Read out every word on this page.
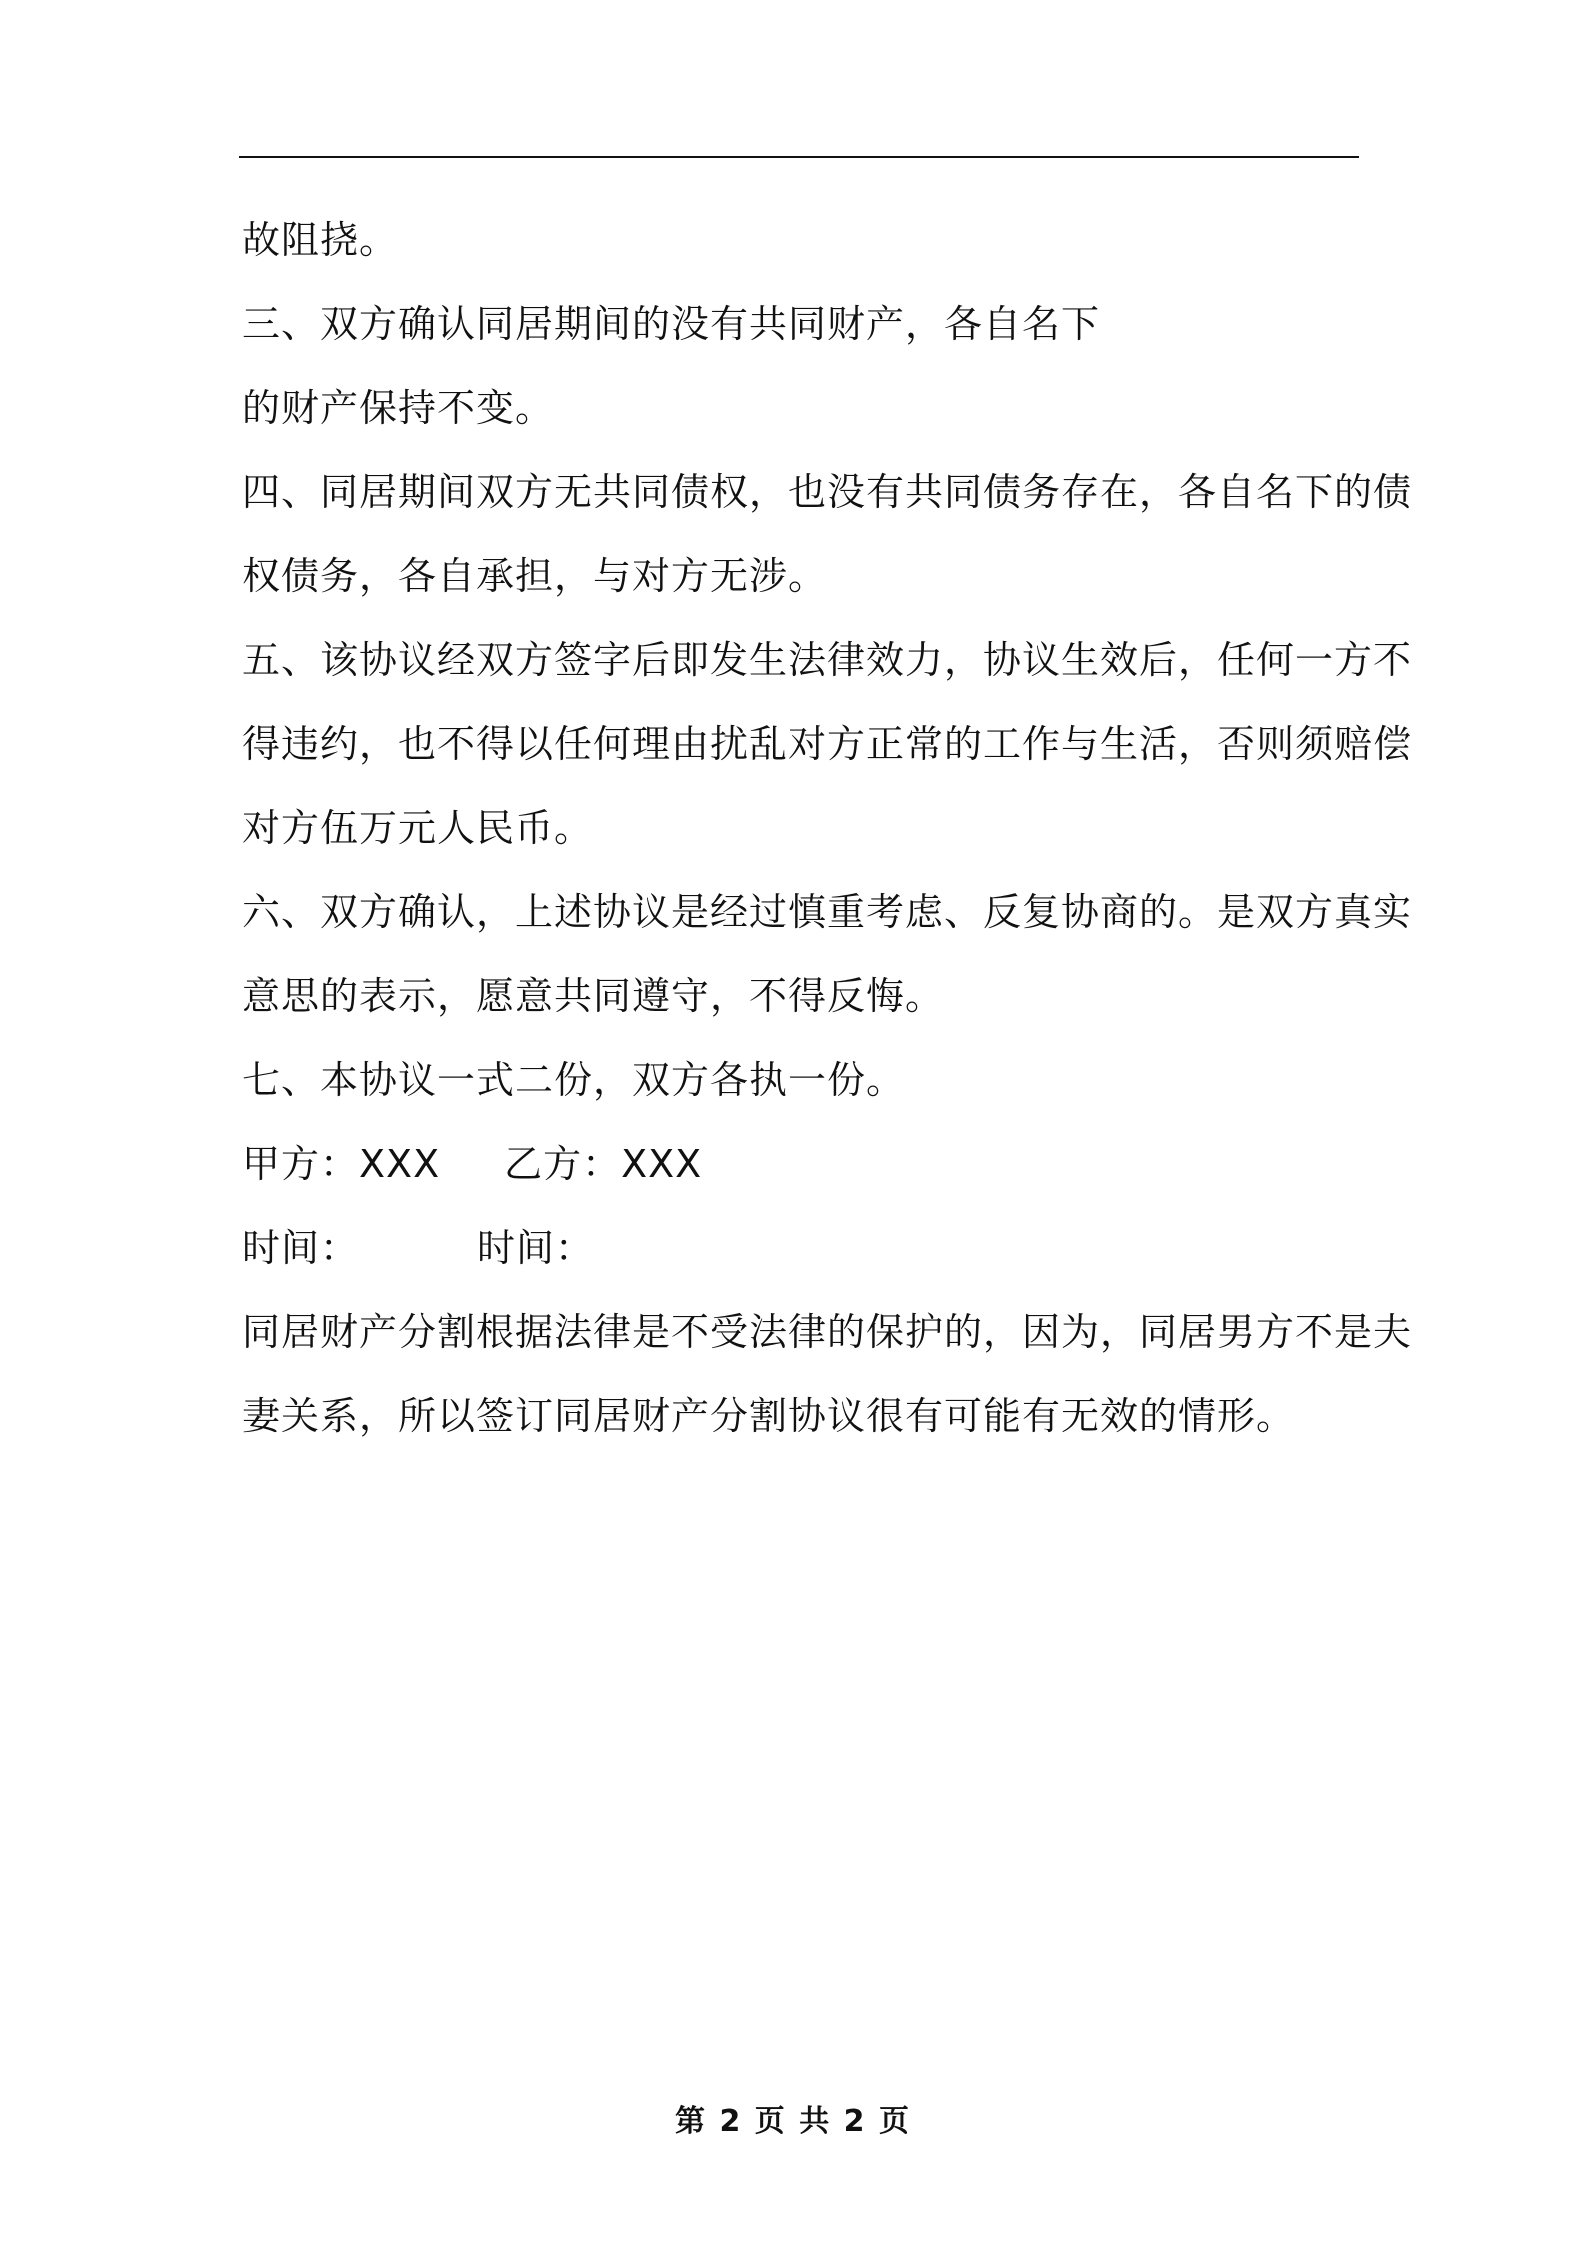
故阻挠。

三、双方确认同居期间的没有共同财产，各自名下

的财产保持不变。

四、同居期间双方无共同债权，也没有共同债务存在，各自名下的债

权债务，各自承担，与对方无涉。

五、该协议经双方签字后即发生法律效力，协议生效后，任何一方不

得违约，也不得以任何理由扰乱对方正常的工作与生活，否则须赔偿

对方伍万元人民币。

六、双方确认，上述协议是经过慎重考虑、反复协商的。是双方真实

意思的表示，愿意共同遵守，不得反悔。

七、本协议一式二份，双方各执一份。

甲方：XXX 乙方：XXX

时间：	时间：

同居财产分割根据法律是不受法律的保护的，因为，同居男方不是夫

妻关系，所以签订同居财产分割协议很有可能有无效的情形。

第 2 页 共 2 页
